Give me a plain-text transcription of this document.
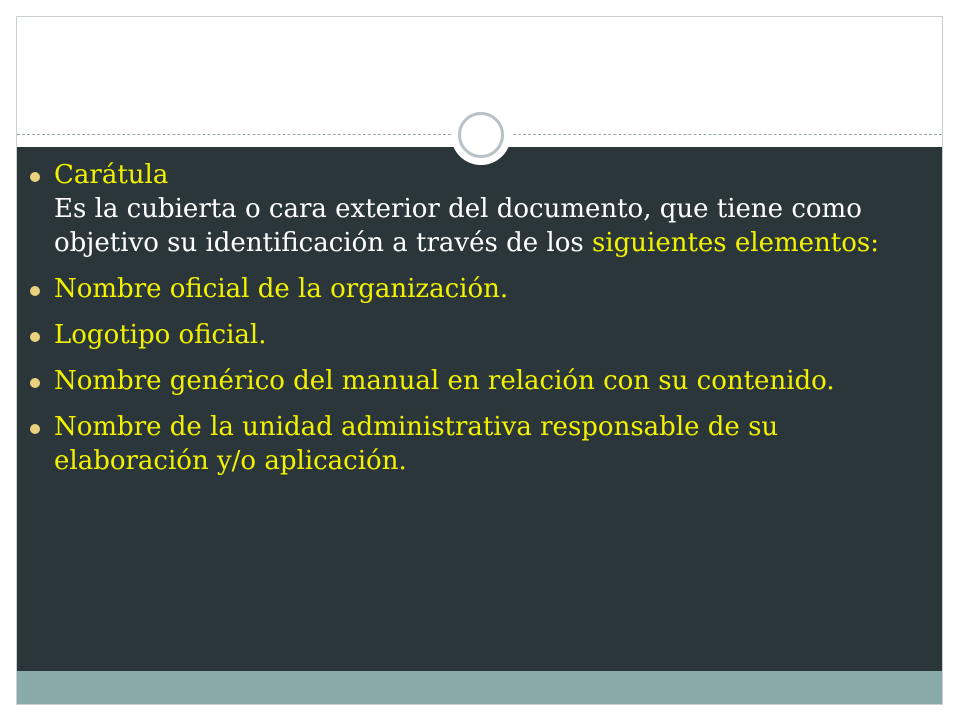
Carátula
Es la cubierta o cara exterior del documento, que tiene como objetivo su identificación a través de los siguientes elementos:
Nombre oficial de la organización.
Logotipo oficial.
Nombre genérico del manual en relación con su contenido.
Nombre de la unidad administrativa responsable de su elaboración y/o aplicación.
